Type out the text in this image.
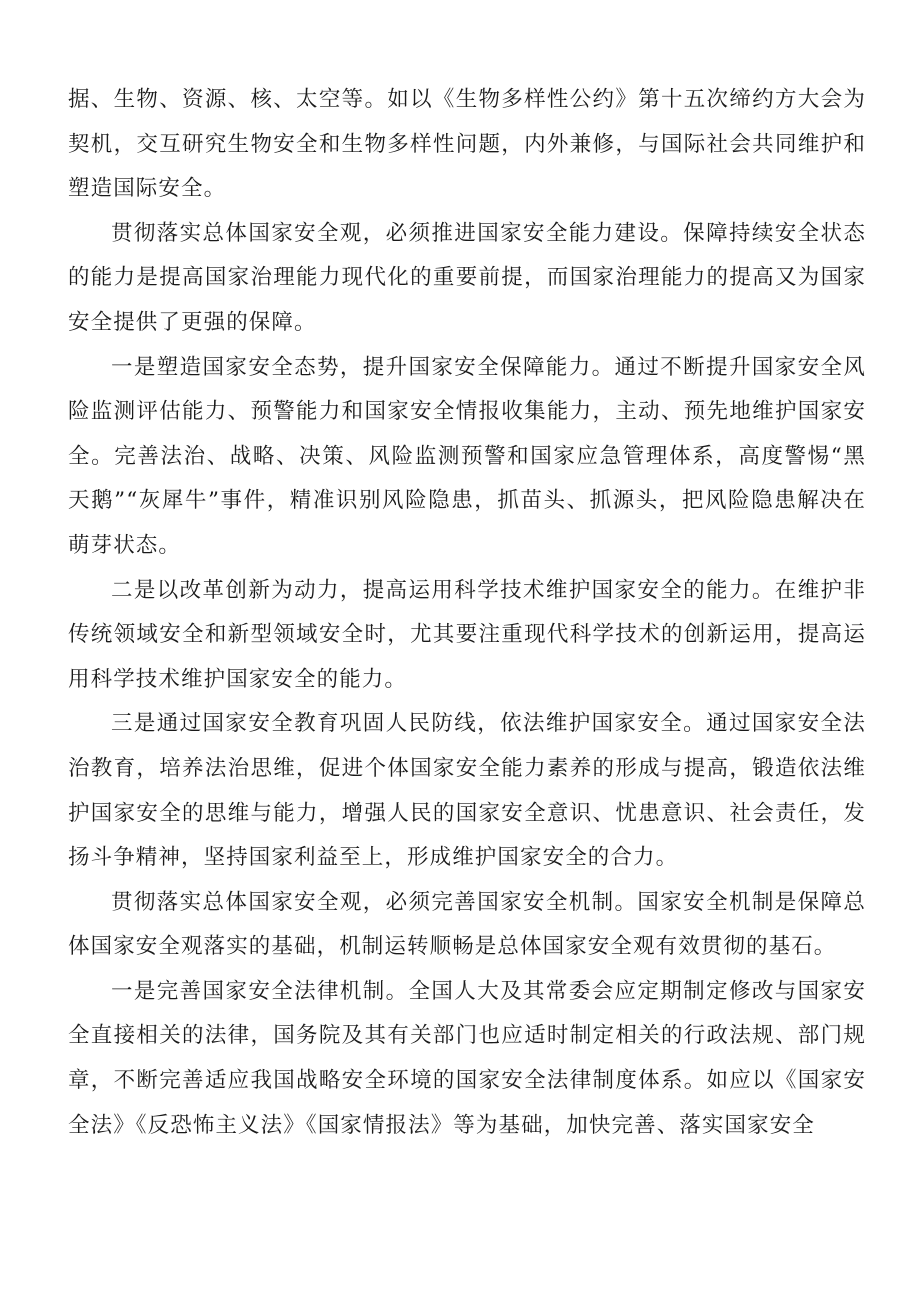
据、生物、资源、核、太空等。如以《生物多样性公约》第十五次缔约方大会为契机，交互研究生物安全和生物多样性问题，内外兼修，与国际社会共同维护和塑造国际安全。

贯彻落实总体国家安全观，必须推进国家安全能力建设。保障持续安全状态的能力是提高国家治理能力现代化的重要前提，而国家治理能力的提高又为国家安全提供了更强的保障。

一是塑造国家安全态势，提升国家安全保障能力。通过不断提升国家安全风险监测评估能力、预警能力和国家安全情报收集能力，主动、预先地维护国家安全。完善法治、战略、决策、风险监测预警和国家应急管理体系，高度警惕“黑天鹅”“灰犀牛”事件，精准识别风险隐患，抓苗头、抓源头，把风险隐患解决在萌芽状态。

二是以改革创新为动力，提高运用科学技术维护国家安全的能力。在维护非传统领域安全和新型领域安全时，尤其要注重现代科学技术的创新运用，提高运用科学技术维护国家安全的能力。

三是通过国家安全教育巩固人民防线，依法维护国家安全。通过国家安全法治教育，培养法治思维，促进个体国家安全能力素养的形成与提高，锻造依法维护国家安全的思维与能力，增强人民的国家安全意识、忧患意识、社会责任，发扬斗争精神，坚持国家利益至上，形成维护国家安全的合力。

贯彻落实总体国家安全观，必须完善国家安全机制。国家安全机制是保障总体国家安全观落实的基础，机制运转顺畅是总体国家安全观有效贯彻的基石。

一是完善国家安全法律机制。全国人大及其常委会应定期制定修改与国家安全直接相关的法律，国务院及其有关部门也应适时制定相关的行政法规、部门规章，不断完善适应我国战略安全环境的国家安全法律制度体系。如应以《国家安全法》《反恐怖主义法》《国家情报法》等为基础，加快完善、落实国家安全
